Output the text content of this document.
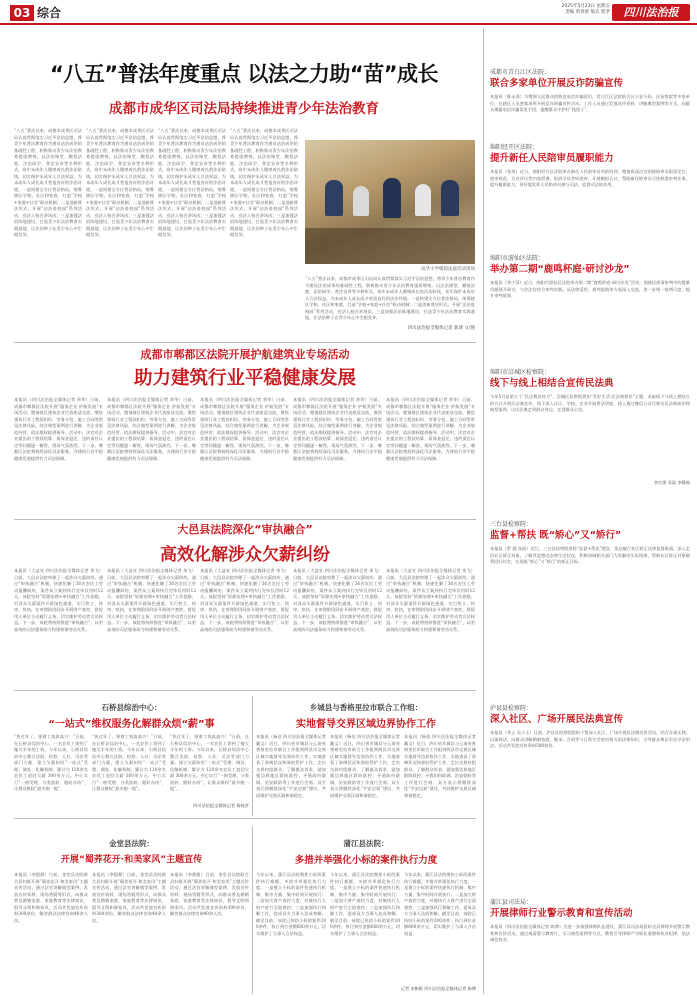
03 综合	2025年5月23日 星期五
责编 黄春蕾 版式 程孝	四川法治报
“八五”普法年度重点 以法之力助“苗”成长
成都市成华区司法局持续推进青少年法治教育
“八五”普法以来，成都市成华区司法局认真贯彻落实习近平法治思想，将青少年普法教育作为建设法治成华的基础性工程，积极推动青少年法治教育提质增效。以法治课堂、模拟法庭、法治研学、普法宣讲等多种形式，筑牢未成年人健康成长的法治防线，切实保护未成年人合法权益，为未成年人成长成才营造良好的法治环境。一是构建全方位普法格局，统筹辖区学校、社区和家庭，打造“学校+家庭+社会”联动机制；二是创新普法形式，开展“法治进校园”系列活动，送法入校百余场次；三是加强法治阵地建设，打造青少年法治教育实践基地，让法治种子在青少年心中生根发芽。
“八五”普法以来，成都市成华区司法局认真贯彻落实习近平法治思想，将青少年普法教育作为建设法治成华的基础性工程，积极推动青少年法治教育提质增效。以法治课堂、模拟法庭、法治研学、普法宣讲等多种形式，筑牢未成年人健康成长的法治防线，切实保护未成年人合法权益，为未成年人成长成才营造良好的法治环境。一是构建全方位普法格局，统筹辖区学校、社区和家庭，打造“学校+家庭+社会”联动机制；二是创新普法形式，开展“法治进校园”系列活动，送法入校百余场次；三是加强法治阵地建设，打造青少年法治教育实践基地，让法治种子在青少年心中生根发芽。
“八五”普法以来，成都市成华区司法局认真贯彻落实习近平法治思想，将青少年普法教育作为建设法治成华的基础性工程，积极推动青少年法治教育提质增效。以法治课堂、模拟法庭、法治研学、普法宣讲等多种形式，筑牢未成年人健康成长的法治防线，切实保护未成年人合法权益，为未成年人成长成才营造良好的法治环境。一是构建全方位普法格局，统筹辖区学校、社区和家庭，打造“学校+家庭+社会”联动机制；二是创新普法形式，开展“法治进校园”系列活动，送法入校百余场次；三是加强法治阵地建设，打造青少年法治教育实践基地，让法治种子在青少年心中生根发芽。
“八五”普法以来，成都市成华区司法局认真贯彻落实习近平法治思想，将青少年普法教育作为建设法治成华的基础性工程，积极推动青少年法治教育提质增效。以法治课堂、模拟法庭、法治研学、普法宣讲等多种形式，筑牢未成年人健康成长的法治防线，切实保护未成年人合法权益，为未成年人成长成才营造良好的法治环境。一是构建全方位普法格局，统筹辖区学校、社区和家庭，打造“学校+家庭+社会”联动机制；二是创新普法形式，开展“法治进校园”系列活动，送法入校百余场次；三是加强法治阵地建设，打造青少年法治教育实践基地，让法治种子在青少年心中生根发芽。
成华小学模拟法庭活动现场
“八五”普法以来，成都市成华区司法局认真贯彻落实习近平法治思想，将青少年普法教育作为建设法治成华的基础性工程，积极推动青少年法治教育提质增效。以法治课堂、模拟法庭、法治研学、普法宣讲等多种形式，筑牢未成年人健康成长的法治防线，切实保护未成年人合法权益，为未成年人成长成才营造良好的法治环境。一是构建全方位普法格局，统筹辖区学校、社区和家庭，打造“学校+家庭+社会”联动机制；二是创新普法形式，开展“法治进校园”系列活动，送法入校百余场次；三是加强法治阵地建设，打造青少年法治教育实践基地，让法治种子在青少年心中生根发芽。
四川法治报全媒体记者 陈博 文/图
成都市郫都区法院开展护航建筑业专场活动
助力建筑行业平稳健康发展
本报讯（四川法治报全媒体记者 余华）日前，成都市郫都区法院开展“服务企业 护航发展”专场活动，邀请辖区建筑企业代表座谈交流，聚焦建筑行业工程款纠纷、劳务分包、施工合同等常见法律风险，结合典型案例进行讲解，为企业规范经营、依法维权提供指导。活动中，法官对企业提出的工程款结算、质保金返还、违约责任认定等问题逐一解答，现场气氛热烈。下一步，郫都区法院将持续深化司法服务，为建筑行业平稳健康发展提供有力司法保障。
本报讯（四川法治报全媒体记者 余华）日前，成都市郫都区法院开展“服务企业 护航发展”专场活动，邀请辖区建筑企业代表座谈交流，聚焦建筑行业工程款纠纷、劳务分包、施工合同等常见法律风险，结合典型案例进行讲解，为企业规范经营、依法维权提供指导。活动中，法官对企业提出的工程款结算、质保金返还、违约责任认定等问题逐一解答，现场气氛热烈。下一步，郫都区法院将持续深化司法服务，为建筑行业平稳健康发展提供有力司法保障。
本报讯（四川法治报全媒体记者 余华）日前，成都市郫都区法院开展“服务企业 护航发展”专场活动，邀请辖区建筑企业代表座谈交流，聚焦建筑行业工程款纠纷、劳务分包、施工合同等常见法律风险，结合典型案例进行讲解，为企业规范经营、依法维权提供指导。活动中，法官对企业提出的工程款结算、质保金返还、违约责任认定等问题逐一解答，现场气氛热烈。下一步，郫都区法院将持续深化司法服务，为建筑行业平稳健康发展提供有力司法保障。
本报讯（四川法治报全媒体记者 余华）日前，成都市郫都区法院开展“服务企业 护航发展”专场活动，邀请辖区建筑企业代表座谈交流，聚焦建筑行业工程款纠纷、劳务分包、施工合同等常见法律风险，结合典型案例进行讲解，为企业规范经营、依法维权提供指导。活动中，法官对企业提出的工程款结算、质保金返还、违约责任认定等问题逐一解答，现场气氛热烈。下一步，郫都区法院将持续深化司法服务，为建筑行业平稳健康发展提供有力司法保障。
本报讯（四川法治报全媒体记者 余华）日前，成都市郫都区法院开展“服务企业 护航发展”专场活动，邀请辖区建筑企业代表座谈交流，聚焦建筑行业工程款纠纷、劳务分包、施工合同等常见法律风险，结合典型案例进行讲解，为企业规范经营、依法维权提供指导。活动中，法官对企业提出的工程款结算、质保金返还、违约责任认定等问题逐一解答，现场气氛热烈。下一步，郫都区法院将持续深化司法服务，为建筑行业平稳健康发展提供有力司法保障。
大邑县法院深化“审执融合”
高效化解涉众欠薪纠纷
本报讯（大益宣 四川法治报全媒体记者 余飞）日前，大邑县法院审理了一起涉众欠薪纠纷，通过“审执融合”机制，快速化解了36名农民工劳动报酬纠纷，案件从立案到执行完毕仅用时12天。该院坚持“诉源治理+审执融合”工作思路，对涉众欠薪案件开辟绿色通道，实行快立、快审、快执，在审理阶段同步开展财产查控，督促用人单位主动履行义务，切实维护劳动者合法权益。下一步，该院将持续推进“审执融合”，以更高效的司法服务助力构建和谐劳动关系。
本报讯（大益宣 四川法治报全媒体记者 余飞）日前，大邑县法院审理了一起涉众欠薪纠纷，通过“审执融合”机制，快速化解了36名农民工劳动报酬纠纷，案件从立案到执行完毕仅用时12天。该院坚持“诉源治理+审执融合”工作思路，对涉众欠薪案件开辟绿色通道，实行快立、快审、快执，在审理阶段同步开展财产查控，督促用人单位主动履行义务，切实维护劳动者合法权益。下一步，该院将持续推进“审执融合”，以更高效的司法服务助力构建和谐劳动关系。
本报讯（大益宣 四川法治报全媒体记者 余飞）日前，大邑县法院审理了一起涉众欠薪纠纷，通过“审执融合”机制，快速化解了36名农民工劳动报酬纠纷，案件从立案到执行完毕仅用时12天。该院坚持“诉源治理+审执融合”工作思路，对涉众欠薪案件开辟绿色通道，实行快立、快审、快执，在审理阶段同步开展财产查控，督促用人单位主动履行义务，切实维护劳动者合法权益。下一步，该院将持续推进“审执融合”，以更高效的司法服务助力构建和谐劳动关系。
本报讯（大益宣 四川法治报全媒体记者 余飞）日前，大邑县法院审理了一起涉众欠薪纠纷，通过“审执融合”机制，快速化解了36名农民工劳动报酬纠纷，案件从立案到执行完毕仅用时12天。该院坚持“诉源治理+审执融合”工作思路，对涉众欠薪案件开辟绿色通道，实行快立、快审、快执，在审理阶段同步开展财产查控，督促用人单位主动履行义务，切实维护劳动者合法权益。下一步，该院将持续推进“审执融合”，以更高效的司法服务助力构建和谐劳动关系。
本报讯（大益宣 四川法治报全媒体记者 余飞）日前，大邑县法院审理了一起涉众欠薪纠纷，通过“审执融合”机制，快速化解了36名农民工劳动报酬纠纷，案件从立案到执行完毕仅用时12天。该院坚持“诉源治理+审执融合”工作思路，对涉众欠薪案件开辟绿色通道，实行快立、快审、快执，在审理阶段同步开展财产查控，督促用人单位主动履行义务，切实维护劳动者合法权益。下一步，该院将持续推进“审执融合”，以更高效的司法服务助力构建和谐劳动关系。
石桥县综治中心：
“一站式”维权服务化解群众烦“薪”事
“快过年了，领着工钱真高兴！”日前，在石桥县综治中心，一名农民工领到了拖欠半年的工资。今年以来，石桥县综治中心整合法院、检察、人社、司法等部门力量，建立欠薪纠纷“一站式”受理、调处、化解机制，累计为 120余名农民工追回欠薪 300余万元。中心实行“一窗受理、分类流转、限时办结”，让群众维权“最多跑一地”。
“快过年了，领着工钱真高兴！”日前，在石桥县综治中心，一名农民工领到了拖欠半年的工资。今年以来，石桥县综治中心整合法院、检察、人社、司法等部门力量，建立欠薪纠纷“一站式”受理、调处、化解机制，累计为 120余名农民工追回欠薪 300余万元。中心实行“一窗受理、分类流转、限时办结”，让群众维权“最多跑一地”。
“快过年了，领着工钱真高兴！”日前，在石桥县综治中心，一名农民工领到了拖欠半年的工资。今年以来，石桥县综治中心整合法院、检察、人社、司法等部门力量，建立欠薪纠纷“一站式”受理、调处、化解机制，累计为 120余名农民工追回欠薪 300余万元。中心实行“一窗受理、分类流转、限时办结”，让群众维权“最多跑一地”。
四川法治报全媒体记者 杨校彦
乡城县与香格里拉市联合工作组：
实地督导交界区域边界协作工作
本报讯（杨佳 四川法治报全媒体记者 戴文）近日，四川省乡城县与云南省香格里拉市联合工作组到两县市交界区域实地督导边界协作工作，实地查看了界碑状况和界桩管护工作，走访交界村组群众，了解群众诉求，就加强边界地区联防联控、矛盾纠纷联调、治安联防等工作进行会商。双方表示将继续深化“平安边界”建设，共同维护交界区域和谐稳定。
本报讯（杨佳 四川法治报全媒体记者 戴文）近日，四川省乡城县与云南省香格里拉市联合工作组到两县市交界区域实地督导边界协作工作，实地查看了界碑状况和界桩管护工作，走访交界村组群众，了解群众诉求，就加强边界地区联防联控、矛盾纠纷联调、治安联防等工作进行会商。双方表示将继续深化“平安边界”建设，共同维护交界区域和谐稳定。
本报讯（杨佳 四川法治报全媒体记者 戴文）近日，四川省乡城县与云南省香格里拉市联合工作组到两县市交界区域实地督导边界协作工作，实地查看了界碑状况和界桩管护工作，走访交界村组群众，了解群众诉求，就加强边界地区联防联控、矛盾纠纷联调、治安联防等工作进行会商。双方表示将继续深化“平安边界”建设，共同维护交界区域和谐稳定。
金堂县法院：
开展“蜀荞花开·和美家风”主题宣传
本报讯（李甜甜）日前，金堂县法院联合县妇联开展“蜀荞花开·和美家风”主题宣传活动，通过法官讲解典型案例、发放宣传资料、现场答疑等形式，向群众普及婚姻家庭、家庭教育等法律知识，倡导文明和谐家风。活动共发放宣传资料300余份，解答群众法律咨询40余人次。
本报讯（李甜甜）日前，金堂县法院联合县妇联开展“蜀荞花开·和美家风”主题宣传活动，通过法官讲解典型案例、发放宣传资料、现场答疑等形式，向群众普及婚姻家庭、家庭教育等法律知识，倡导文明和谐家风。活动共发放宣传资料300余份，解答群众法律咨询40余人次。
本报讯（李甜甜）日前，金堂县法院联合县妇联开展“蜀荞花开·和美家风”主题宣传活动，通过法官讲解典型案例、发放宣传资料、现场答疑等形式，向群众普及婚姻家庭、家庭教育等法律知识，倡导文明和谐家风。活动共发放宣传资料300余份，解答群众法律咨询40余人次。
蒲江县法院：
多措并举强化小标的案件执行力度
今年以来，蒲江县法院聚焦小标的案件执行难题，多措并举强化执行力度。一是建立小标的案件快速执行机制，集中力量、集中时间开展执行；二是加大财产查控力度，对被执行人财产进行全面查控；三是加强执行和解工作，促成双方当事人达成和解。截至目前，该院已执结小标的案件200余件，执行到位金额600余万元，切实维护了当事人合法权益。
今年以来，蒲江县法院聚焦小标的案件执行难题，多措并举强化执行力度。一是建立小标的案件快速执行机制，集中力量、集中时间开展执行；二是加大财产查控力度，对被执行人财产进行全面查控；三是加强执行和解工作，促成双方当事人达成和解。截至目前，该院已执结小标的案件200余件，执行到位金额600余万元，切实维护了当事人合法权益。
今年以来，蒲江县法院聚焦小标的案件执行难题，多措并举强化执行力度。一是建立小标的案件快速执行机制，集中力量、集中时间开展执行；二是加大财产查控力度，对被执行人财产进行全面查控；三是加强执行和解工作，促成双方当事人达成和解。截至目前，该院已执结小标的案件200余件，执行到位金额600余万元，切实维护了当事人合法权益。
记者 宋彬彬 四川法治报全媒体记者 陈博
成都市青白江区法院：
联合多家单位开展反诈防骗宣传
本报讯（陈永涛）为增强人民群众的防范电信诈骗意识，青白江区法院联合区公安分局、区检察院等多家单位，在辖区人员密集场所开展反诈防骗宣传活动。工作人员通过发放宣传资料、讲解典型案例等方式，向群众揭露电信诈骗常见手段，提醒群众守护好“钱袋子”。
绵阳经开区法院：
提升新任人民陪审员履职能力
本报讯（张琼）近日，绵阳经开区法院举办新任人民陪审员岗前培训，邀请资深法官围绕陪审员职责定位、庭审规范、合议评议等内容授课，组织学员旁听庭审、开展模拟合议，帮助新任陪审员尽快熟悉审判业务，提升履职能力，更好地发挥人民陪审员参与司法、监督司法的作用。
绵阳市游仙区法院：
举办第二期“鹿鸣杯庭·研讨沙龙”
本报讯（李小蓉）近日，绵阳市游仙区法院举办第二期“鹿鸣杯庭·研讨沙龙”活动，围绕民商事审判中的疑难问题展开研讨。与会法官结合审判实践，从法律适用、裁判思路等方面深入交流，进一步统一裁判尺度，提升审判质效。
绵阳市涪城区检察院：
线下与线上相结合宣传民法典
今年5月是第五个“民法典宣传月”，涪城区检察院紧扣“美好生活·民法典相伴”主题，采取线下与线上相结合的方式开展民法典宣传。线下深入社区、学校、企业开展普法讲座，线上通过微信公众号推送民法典知识和典型案例，让民法典走到群众身边、走进群众心里。
李宗建 袁雨 李静茹
三台县检察院：
监督+帮扶 既“矫心”又“矫行”
本报讯（罗 涵 朱丽）近日，三台县检察院坚持“监督+帮扶”理念，依法履行社区矫正法律监督职责，深入走访社区矫正对象，了解其思想动态和生活状况，积极协调相关部门为其解决实际困难，帮助社区矫正对象顺利回归社会，实现既“矫心”又“矫行”的矫正目标。
泸县县检察院：
深入社区、广场开展民法典宣传
本报讯（李云 吴小玉）日前，泸县县检察院组织干警深入社区、广场开展民法典宣传活动，结合办案实践，以案释法，向群众讲解婚姻家庭、继承、合同等与日常生活密切相关的法律知识，引导群众尊法学法守法用法。活动共发放宣传资料500余份。
蒲江县司法局：
开展律师行业警示教育和宣传活动
本报讯（四川法治报全媒体记者 陈博）为进一步加强律师队伍建设，蒲江县司法局组织全县律师开展警示教育和宣传活动，通过观看警示教育片、学习典型案例等方式，教育引导律师严守职业道德和执业纪律，依法诚信执业。
